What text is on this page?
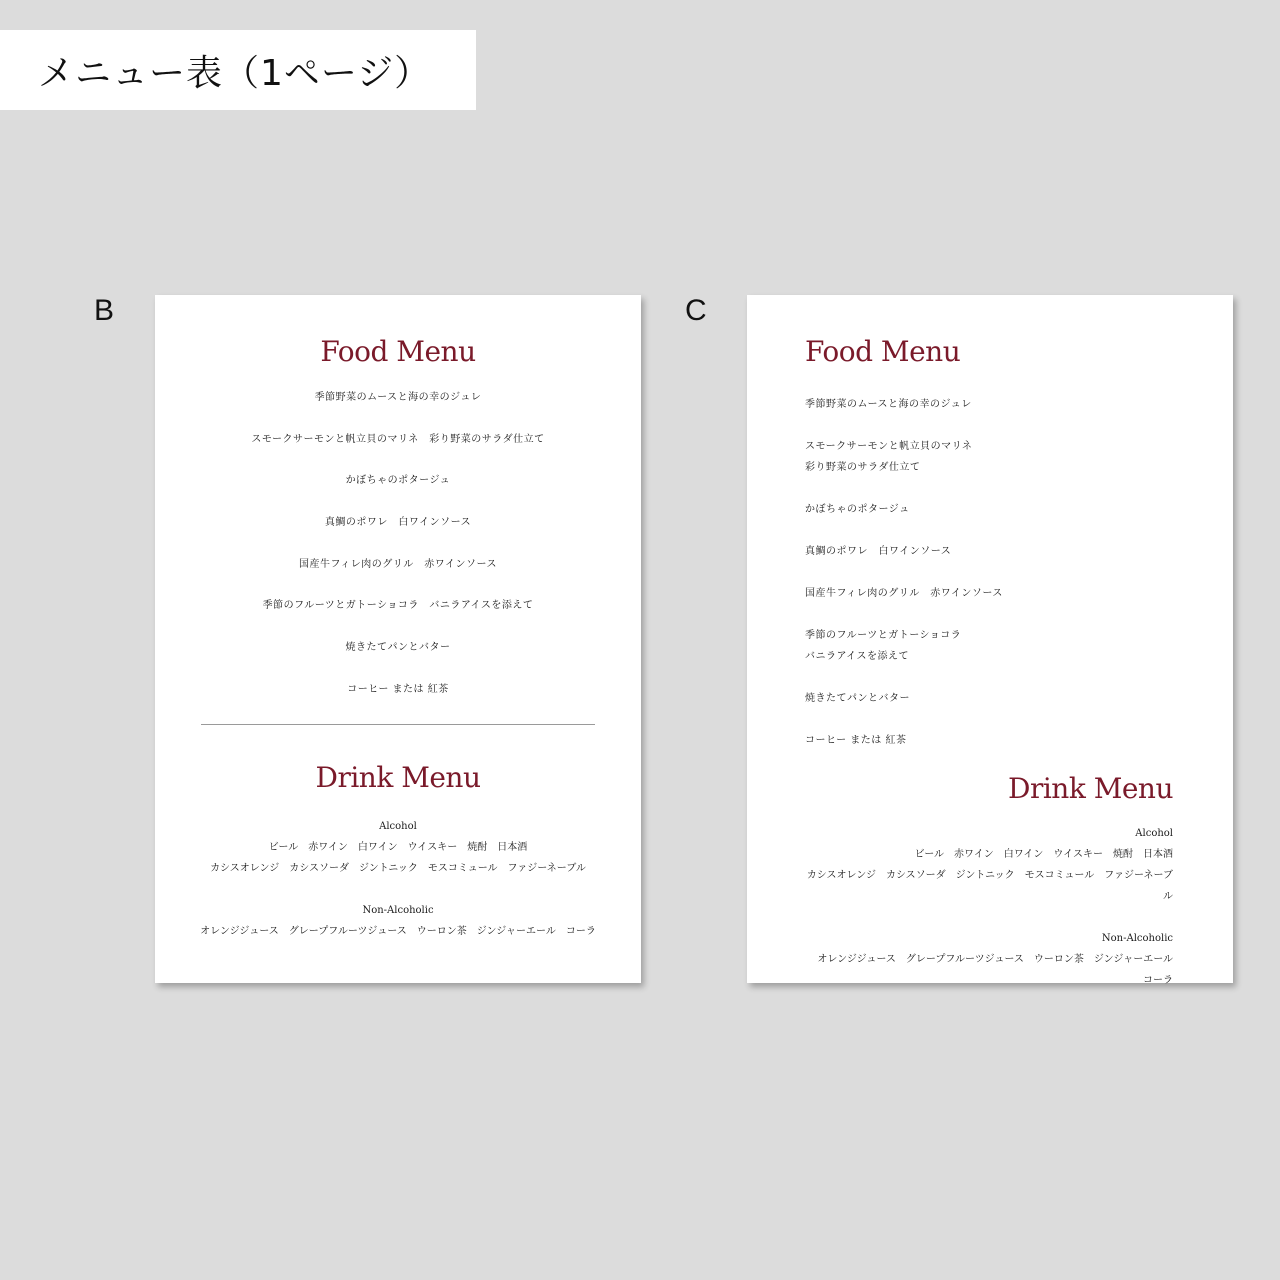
メニュー表（1ページ）
B	C
Food Menu
季節野菜のムースと海の幸のジュレ
スモークサーモンと帆立貝のマリネ　彩り野菜のサラダ仕立て
かぼちゃのポタージュ
真鯛のポワレ　白ワインソース
国産牛フィレ肉のグリル　赤ワインソース
季節のフルーツとガトーショコラ　バニラアイスを添えて
焼きたてパンとバター
コーヒー または 紅茶
Drink Menu
Alcohol
ビール　赤ワイン　白ワイン　ウイスキー　焼酎　日本酒
カシスオレンジ　カシスソーダ　ジントニック　モスコミュール　ファジーネーブル
Non-Alcoholic
オレンジジュース　グレープフルーツジュース　ウーロン茶　ジンジャーエール　コーラ
Food Menu
季節野菜のムースと海の幸のジュレ
スモークサーモンと帆立貝のマリネ
彩り野菜のサラダ仕立て
かぼちゃのポタージュ
真鯛のポワレ　白ワインソース
国産牛フィレ肉のグリル　赤ワインソース
季節のフルーツとガトーショコラ
バニラアイスを添えて
焼きたてパンとバター
コーヒー または 紅茶
Drink Menu
Alcohol
ビール　赤ワイン　白ワイン　ウイスキー　焼酎　日本酒
カシスオレンジ　カシスソーダ　ジントニック　モスコミュール　ファジーネーブル
Non-Alcoholic
オレンジジュース　グレープフルーツジュース　ウーロン茶　ジンジャーエール　コーラ
